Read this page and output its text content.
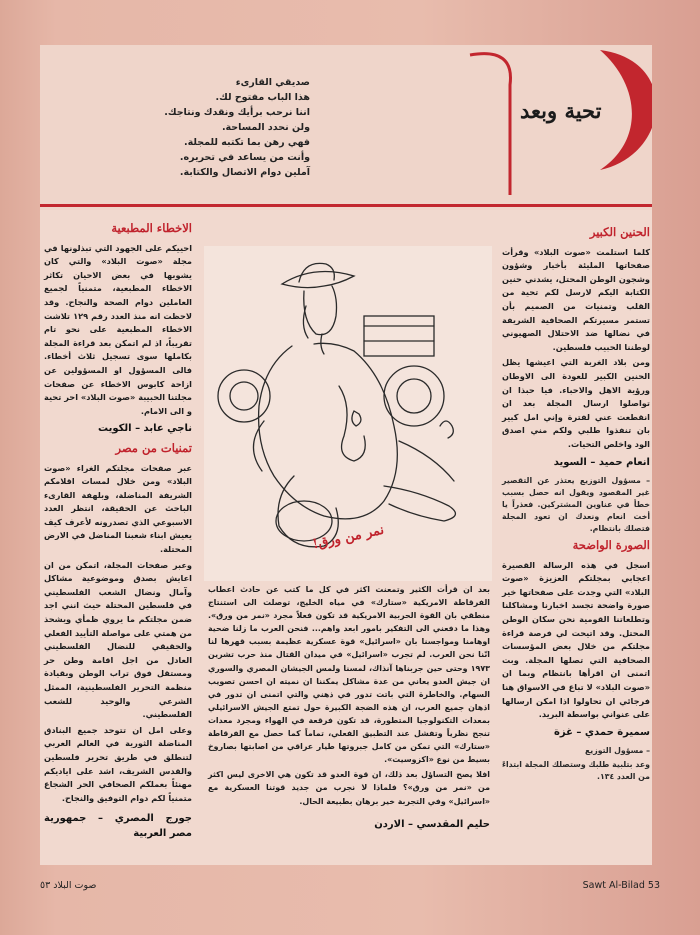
صديقي القارىء
هذا الباب مفتوح لك.
اننا نرحب برأيك ونقدك ونتاجك.
ولن نحدد المساحة.
فهي رهن بما تكتبه للمجلة.
وأنت من يساعد في تحريره.
آملين دوام الاتصال والكتابة.
تحية وبعد
الحنين الكبير

كلما استلمت «صوت البلاد» وقرأت صفحاتها المليئة بأخبار وشؤون وشجون الوطن المحتل، يشدني حنين الكتابة اليكم لارسل لكم تحية من القلب وتمنيات من الصميم بأن تستمر مسيرتكم الصحافية الشريفة في نضالها ضد الاحتلال الصهيوني لوطننا الحبيب فلسطين.

ومن بلاد الغربة التي اعيشها يظل الحنين الكبير للعودة الى الاوطان ورؤية الاهل والاحباء. فيا حبذا ان تواصلوا ارسال المجلة بعد ان انقطعت عني لفترة وإني امل كبير بان تنفذوا طلبي ولكم مني اصدق الود واخلص التحيات.

انعام حميد – السويد

– مسؤول التوزيع يعتذر عن التقصير غير المقصود ويقول انه حصل بسبب خطأ في عناوين المشتركين. فعذراً يا أخت انعام ونعدك ان تعود المجلة فتصلك بانتظام.

الصورة الواضحة

اسجل في هذه الرسالة القصيرة اعجابي بمجلتكم العزيزة «صوت البلاد» التي وجدت على صفحاتها خير صورة واضحة تجسد اخبارنا ومشاكلنا وتطلعاتنا القومية نحن سكان الوطن المحتل. وقد اتيحت لي فرصة قراءة مجلتكم من خلال بعض المؤسسات الصحافية التي تصلها المجلة. وبت اتمنى ان اقرأها بانتظام وبما ان «صوت البلاد» لا تباع في الاسواق هنا فرجائي ان تحاولوا اذا امكن ارسالها على عنواني بواسطة البريد.

سميرة حمدي – غزة

– مسؤول التوزيع

وعد بتلبية طلبك وستصلك المجلة ابتداءً من العدد ١٣٤.

الاخطاء المطبعية

احييكم على الجهود التي تبذلونها في مجلة «صوت البلاد» والتي كان يشوبها في بعض الاحيان تكاثر الاخطاء المطبعية، متمنياً لجميع العاملين دوام الصحة والنجاح. وقد لاحظت انه منذ العدد رقم ١٢٩ تلاشت الاخطاء المطبعية على نحو تام تقريباً، اذ لم اتمكن بعد قراءة المجلة بكاملها سوى تسجيل ثلاث أخطاء. فالى المسؤول او المسؤولين عن ازاحة كابوس الاخطاء عن صفحات مجلتنا الحبيبة «صوت البلاد» احر تحية و الى الامام.

ناجي عابد – الكويت
تمنيات من مصر

عبر صفحات مجلتكم الغراء «صوت البلاد» ومن خلال لمسات اقلامكم الشريفة المناضلة، وبلهفة القارىء الباحث عن الحقيقة، انتظر العدد الاسبوعي الذي تصدرونه لأعرف كيف يعيش ابناء شعبنا المناضل في الارض المحتلة.

وعبر صفحات المجلة، اتمكن من ان اعايش بصدق وموضوعية مشاكل وآمال ونضال الشعب الفلسطيني في فلسطين المحتلة حيث انني اجد ضمن مجلتكم ما يروي ظمأي ويشحذ من همتي على مواصلة التأييد الفعلي والحقيقي للنضال الفلسطيني العادل من اجل اقامة وطن حر ومستقل فوق تراب الوطن وبقيادة منظمة التحرير الفلسطينية، الممثل الشرعي والوحيد للشعب الفلسطيني.

وعلى امل ان تتوحد جميع البنادق المناضلة الثورية في العالم العربي لتنطلق في طريق تحرير فلسطين والقدس الشريف، اشد على اياديكم مهنئاً بعملكم الصحافي الحر الشجاع متمنياً لكم دوام التوفيق والنجاح.

جورج المصري – جمهورية مصر العربية
نمر من ورق!

بعد ان قرأت الكثير وتمعنت اكثر في كل ما كتب عن حادث اعطاب الفرقاطة الامريكية «ستارك» في مياه الخليج، توصلت الى استنتاج منطقي بان القوة الحربية الامريكية قد تكون فعلاً مجرد «نمر من ورق». وهذا ما دفعني الى التفكير بامور ابعد واهم... فنحن العرب ما زلنا ضحية اوهامنا ومواجسنا بان «اسرائيل» قوة عسكرية عظيمة بسبب قهرها لنا انّنا نحن العرب. لم تجرب «اسرائيل» في ميدان القتال منذ حرب تشرين ١٩٧٣ وحتى حين جربناها آنذاك، لمسنا ولمس الجيشان المصري والسوري ان جيش العدو يعاني من عدة مشاكل يمكننا ان نميته ان احسن تصويب السهام. والخاطرة التي باتت تدور في ذهني والتي اتمنى ان تدور في اذهان جميع العرب، ان هذه الضجة الكبيرة حول تمتع الجيش الاسرائيلي بمعدات التكنولوجيا المتطورة، قد تكون فرقعة في الهواء ومجرد معدات تنجح نظرياً وتفشل عند التطبيق الفعلي، تماماً كما حصل مع الفرقاطة «ستارك» التي تمكن من كامل جبروتها طيار عراقي من اصابتها بصاروخ بسيط من نوع «اكزوسيت».

افلا يصح التساؤل بعد ذلك، ان قوة العدو قد تكون هي الاخرى ليس اكثر من «نمر من ورق»؟ فلماذا لا نجرب من جديد قوتنا العسكرية مع «اسرائيل» وفي التجربة خير برهان بطبيعة الحال.

حليم المقدسي – الاردن
صوت البلاد ٥٣	Sawt Al-Bilad 53
